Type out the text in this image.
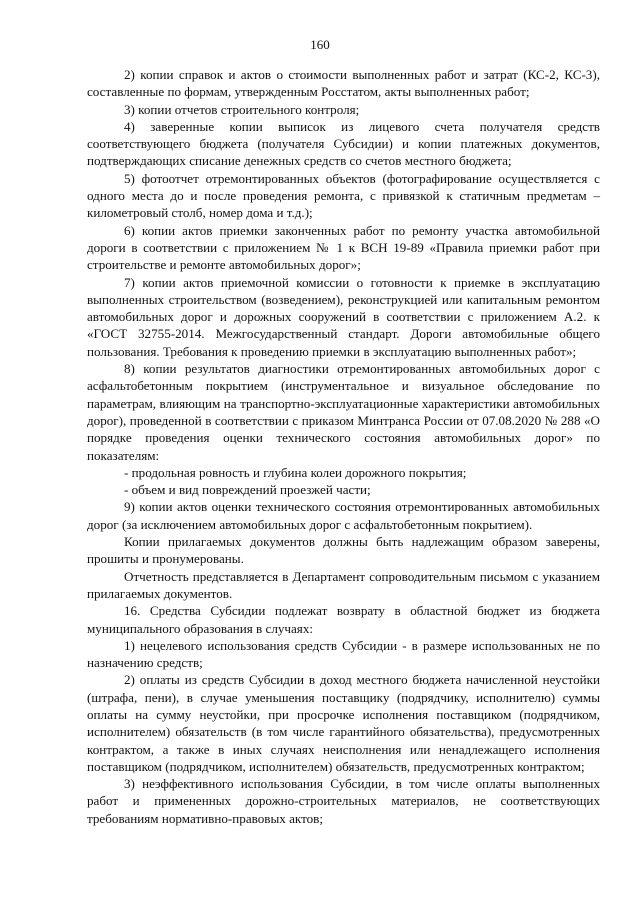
160

2) копии справок и актов о стоимости выполненных работ и затрат (КС-2, КС-3), составленные по формам, утвержденным Росстатом, акты выполненных работ;

3) копии отчетов строительного контроля;

4) заверенные копии выписок из лицевого счета получателя средств соответствующего бюджета (получателя Субсидии) и копии платежных документов, подтверждающих списание денежных средств со счетов местного бюджета;

5) фотоотчет отремонтированных объектов (фотографирование осуществляется с одного места до и после проведения ремонта, с привязкой к статичным предметам – километровый столб, номер дома и т.д.);

6) копии актов приемки законченных работ по ремонту участка автомобильной дороги в соответствии с приложением № 1 к ВСН 19-89 «Правила приемки работ при строительстве и ремонте автомобильных дорог»;

7) копии актов приемочной комиссии о готовности к приемке в эксплуатацию выполненных строительством (возведением), реконструкцией или капитальным ремонтом автомобильных дорог и дорожных сооружений в соответствии с приложением А.2. к «ГОСТ 32755-2014. Межгосударственный стандарт. Дороги автомобильные общего пользования. Требования к проведению приемки в эксплуатацию выполненных работ»;

8) копии результатов диагностики отремонтированных автомобильных дорог с асфальтобетонным покрытием (инструментальное и визуальное обследование по параметрам, влияющим на транспортно-эксплуатационные характеристики автомобильных дорог), проведенной в соответствии с приказом Минтранса России от 07.08.2020 № 288 «О порядке проведения оценки технического состояния автомобильных дорог» по показателям:

- продольная ровность и глубина колеи дорожного покрытия;

- объем и вид повреждений проезжей части;

9) копии актов оценки технического состояния отремонтированных автомобильных дорог (за исключением автомобильных дорог с асфальтобетонным покрытием).

Копии прилагаемых документов должны быть надлежащим образом заверены, прошиты и пронумерованы.

Отчетность представляется в Департамент сопроводительным письмом с указанием прилагаемых документов.

16. Средства Субсидии подлежат возврату в областной бюджет из бюджета муниципального образования в случаях:

1) нецелевого использования средств Субсидии - в размере использованных не по назначению средств;

2) оплаты из средств Субсидии в доход местного бюджета начисленной неустойки (штрафа, пени), в случае уменьшения поставщику (подрядчику, исполнителю) суммы оплаты на сумму неустойки, при просрочке исполнения поставщиком (подрядчиком, исполнителем) обязательств (в том числе гарантийного обязательства), предусмотренных контрактом, а также в иных случаях неисполнения или ненадлежащего исполнения поставщиком (подрядчиком, исполнителем) обязательств, предусмотренных контрактом;

3) неэффективного использования Субсидии, в том числе оплаты выполненных работ и примененных дорожно-строительных материалов, не соответствующих требованиям нормативно-правовых актов;
